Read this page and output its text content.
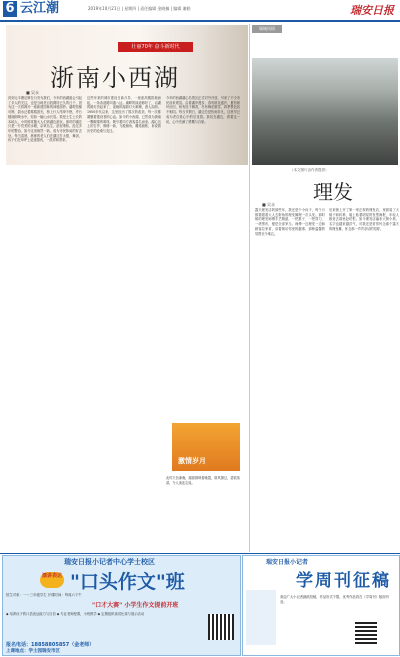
6 云江潮	2019年10月21日 | 星期四 | 责任编辑 金晓楠 | 编辑 谢皓	瑞安日报
壮丽70年 奋斗新时代
浙南小西湖
■ 吴永
说到元丰塘足够在月亮为我们，今年的西湖盛会引起了多人的关注，也是当地老百姓期待已久的日子，因为这一天将揭开一座新建园林的神秘面纱。湖堤依稀可辨，碧水泛着粼粼波光，桥上行人络绎不绝，亭台楼阁倒映水中，宛如一幅山水长卷。我是土生土长的本地人，小时候常随大人们到湖边游玩，那时的湖还只是一片荒芜的水塘，杂草丛生，淤泥堆积。经过多年的整治，如今这里焕然一新，成为市民休闲的好去处。每当清晨，晨练的老人们在湖边打太极、舞剑，孩子们在草坪上追逐嬉戏，一派祥和景象。
这些年来的城市建设日新月异，一座座高楼拔地而起，一条条道路四通八达。湖畔的绿道修好了，沿湖的路灯亮起来了，夜晚的湖面灯火阑珊，游人如织。1950年代以来，这里经历了数次的改造，每一次都凝聚着建设者的心血。如今的小西湖，已然成为浙南一颗璀璨的明珠，吸引着四方游客慕名而来。湖心岛上的古亭，修缮一新，飞檐翘角，雕梁画栋，诉说着历史的沧桑与变迁。
今年的西湖湖心岛景区正式对外开放，引来了不少市民前来观赏。沿着湖岸漫步，春有桃花盛开，夏有荷叶田田，秋有桂子飘香，冬有梅花傲雪，四季景色各不相同。每当节假日，湖边总是热闹非凡，这里早已成为老百姓心中的后花园。我站在湖边，看着这一切，心中充满了感慨与自豪。
激情岁月
此时天色渐晚，湖面倒映着晚霞，微风拂过，碧波荡漾，令人流连忘返。
瑞城风情
（本文图片由作者提供）
理发
■ 吴永
露天理发店的那些年，我还是个小孩子，每个月都要跟着大人去街角的理发摊理一次头发。那时候的理发师傅手艺精湛，一把推子、一把剪刀、一块围布，便是全部家当。师傅一边理发一边和顾客拉家常，讲着街坊邻里的趣事，那种温馨的氛围至今难忘。
后来街上开了第一家正规的理发店，里面装了大镜子和转椅，墙上贴着明星的发型海报，年轻人都爱去那里赶时髦。如今理发店遍布大街小巷，名字也越来越洋气，可我还是常常怀念那个露天的理发摊，怀念那一声声亲切的招呼。
瑞安日报小记者中心学士校区
演讲表达 "口头作文"班
招生对象：一～三年级学生 开课时间：每周六下午
"口才大赛" 小学生作文提前开班
◆ 培养孩子的口语表达能力与自信 ◆ 专业老师授课，小班教学 ◆ 定期组织演讲比赛与展示活动
报名电话：18858805857（金老师）
上课地点：学士园瑞安市区
瑞安日报小记者
学周刊征稿
欢迎广大小记者踊跃投稿，作品形式不限，优秀作品将在《学周刊》版面刊登。
